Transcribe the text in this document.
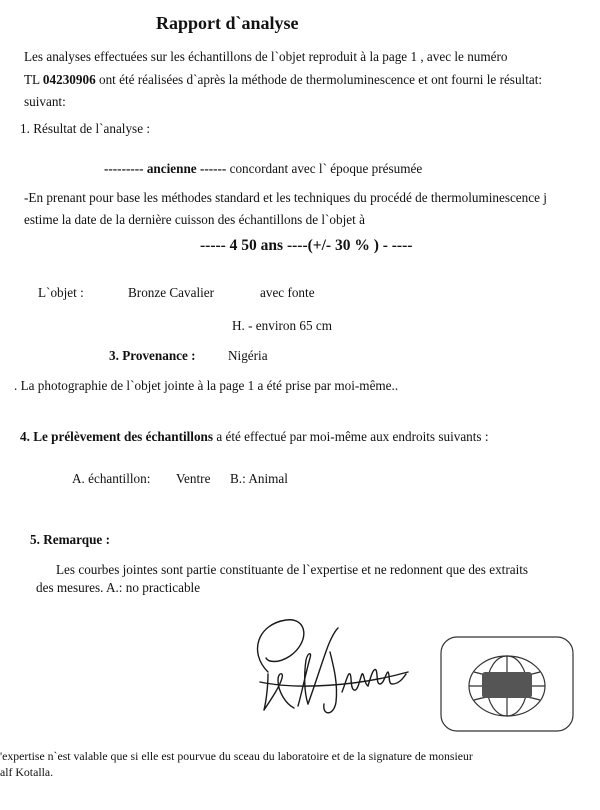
Rapport d`analyse
Les analyses effectuées sur les échantillons de l`objet reproduit à la page 1 , avec le numéro
TL 04230906 ont été réalisées d`après la méthode de thermoluminescence et ont fourni le résultat:
suivant:
1. Résultat de l`analyse :
--------- ancienne ------ concordant avec l` époque présumée
-En prenant pour base les méthodes standard et les techniques du procédé de thermoluminescence j
estime la date de la dernière cuisson des échantillons de l`objet à
----- 4 50 ans ----(+/- 30 % ) - ----
L`objet :	Bronze Cavalier	avec fonte
H. - environ 65 cm
3. Provenance : Nigéria
. La photographie de l`objet jointe à la page 1 a été prise par moi-même..
4. Le prélèvement des échantillons a été effectué par moi-même aux endroits suivants :
A. échantillon: Ventre B.: Animal
5. Remarque :
Les courbes jointes sont partie constituante de l`expertise et ne redonnent que des extraits
des mesures. A.: no practicable
'expertise n`est valable que si elle est pourvue du sceau du laboratoire et de la signature de monsieur
alf Kotalla.
